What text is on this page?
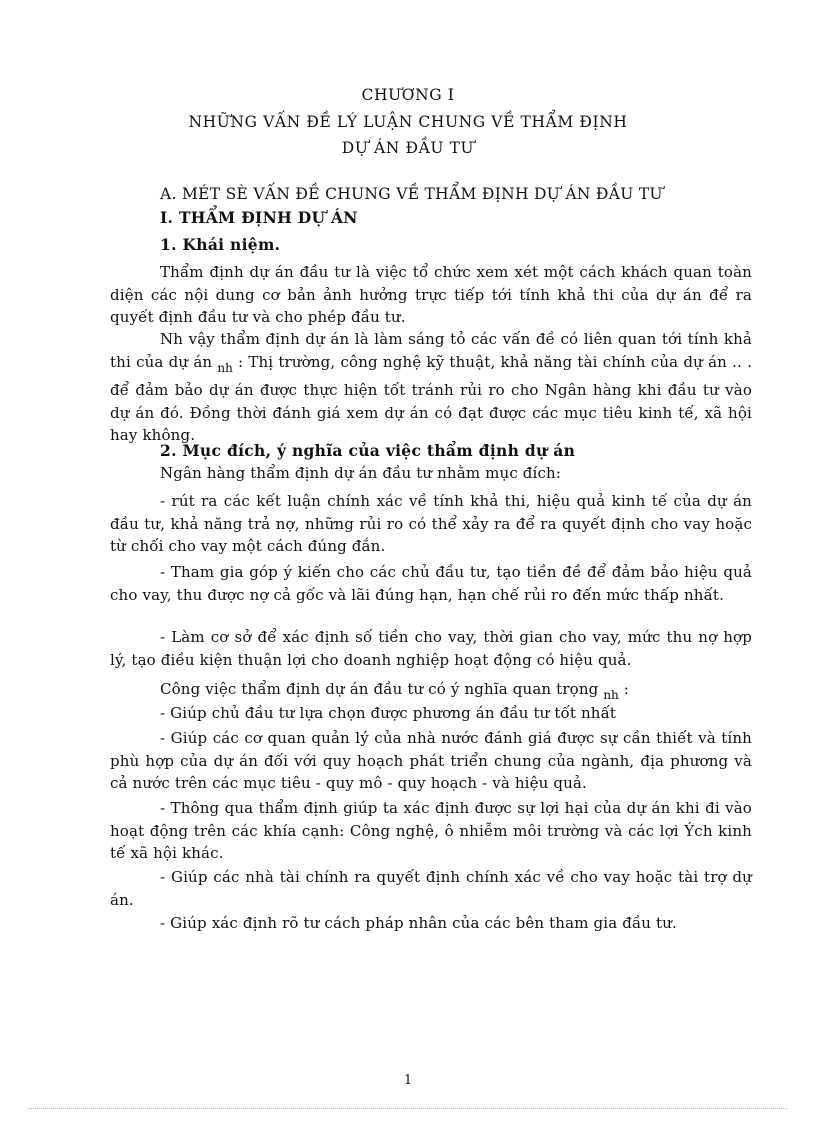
CHƯƠNG I
NHỮNG VẤN ĐỀ LÝ LUẬN CHUNG VỀ THẨM ĐỊNH
DỰ ÁN ĐẦU TƯ
A. MÉT SÈ VẤN ĐỀ CHUNG VỀ THẨM ĐỊNH DỰ ÁN ĐẦU TƯ
I. THẨM ĐỊNH DỰ ÁN
1. Khái niệm.

Thẩm định dự án đầu tư là việc tổ chức xem xét một cách khách quan toàn diện các nội dung cơ bản ảnh hưởng trực tiếp tới tính khả thi của dự án để ra quyết định đầu tư và cho phép đầu tư.

Nh vậy thẩm định dự án là làm sáng tỏ các vấn đề có liên quan tới tính khả thi của dự án $_{nh}$ : Thị trường, công nghệ kỹ thuật, khả năng tài chính của dự án .. . để đảm bảo dự án được thực hiện tốt tránh rủi ro cho Ngân hàng khi đầu tư vào dự án đó. Đồng thời đánh giá xem dự án có đạt được các mục tiêu kinh tế, xã hội hay không.

2. Mục đích, ý nghĩa của việc thẩm định dự án

Ngân hàng thẩm định dự án đầu tư nhằm mục đích:

- rút ra các kết luận chính xác về tính khả thi, hiệu quả kinh tế của dự án đầu tư, khả năng trả nợ, những rủi ro có thể xảy ra để ra quyết định cho vay hoặc từ chối cho vay một cách đúng đắn.

- Tham gia góp ý kiến cho các chủ đầu tư, tạo tiền đề để đảm bảo hiệu quả cho vay, thu được nợ cả gốc và lãi đúng hạn, hạn chế rủi ro đến mức thấp nhất.

- Làm cơ sở để xác định số tiền cho vay, thời gian cho vay, mức thu nợ hợp lý, tạo điều kiện thuận lợi cho doanh nghiệp hoạt động có hiệu quả.

Công việc thẩm định dự án đầu tư có ý nghĩa quan trọng $_{nh}$ :

- Giúp chủ đầu tư lựa chọn được phương án đầu tư tốt nhất

- Giúp các cơ quan quản lý của nhà nước đánh giá được sự cần thiết và tính phù hợp của dự án đối với quy hoạch phát triển chung của ngành, địa phương và cả nước trên các mục tiêu - quy mô - quy hoạch - và hiệu quả.

- Thông qua thẩm định giúp ta xác định được sự lợi hại của dự án khi đi vào hoạt động trên các khía cạnh: Công nghệ, ô nhiễm môi trường và các lợi Ých kinh tế xã hội khác.

- Giúp các nhà tài chính ra quyết định chính xác về cho vay hoặc tài trợ dự án.

- Giúp xác định rõ tư cách pháp nhân của các bên tham gia đầu tư.

1
